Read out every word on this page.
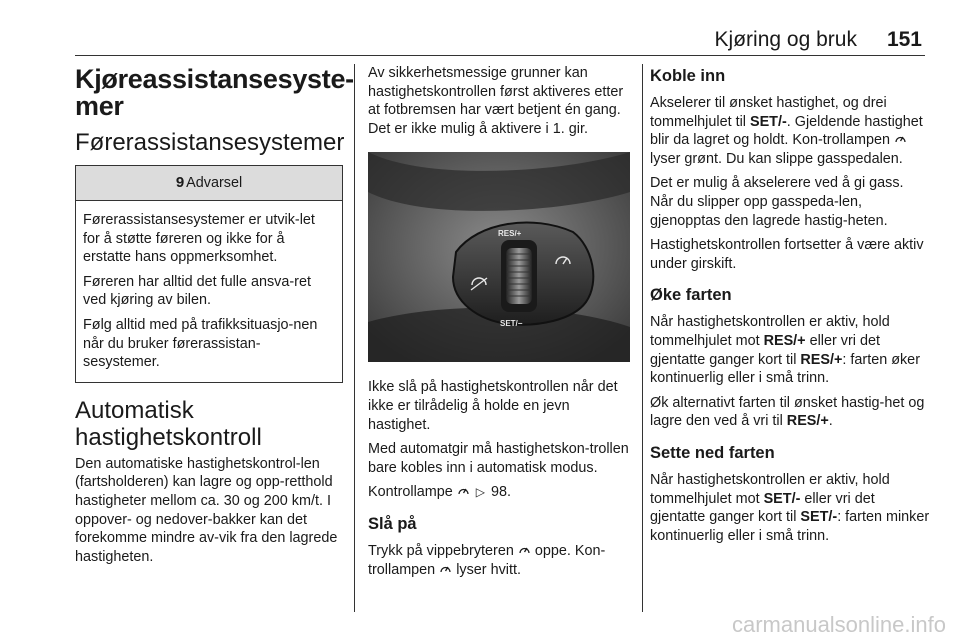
Kjøring og bruk 151
Kjøreassistansesyste-
mer
Førerassistansesystemer
9 Advarsel

Førerassistansesystemer er utvik-let for å støtte føreren og ikke for å erstatte hans oppmerksomhet.

Føreren har alltid det fulle ansva-ret ved kjøring av bilen.

Følg alltid med på trafikksituasjo-nen når du bruker førerassistan-sesystemer.

Automatisk
hastighetskontroll

Den automatiske hastighetskontrol-len (fartsholderen) kan lagre og opp-retthold hastigheter mellom ca. 30 og 200 km/t. I oppover- og nedover-bakker kan det forekomme mindre av-vik fra den lagrede hastigheten.

Av sikkerhetsmessige grunner kan hastighetskontrollen først aktiveres etter at fotbremsen har vært betjent én gang. Det er ikke mulig å aktivere i 1. gir.

RES/+
SET/−

Ikke slå på hastighetskontrollen når det ikke er tilrådelig å holde en jevn hastighet.

Med automatgir må hastighetskon-trollen bare kobles inn i automatisk modus.

Kontrollampe ▷ 98.

Slå på

Trykk på vippebryteren oppe. Kon-trollampen lyser hvitt.

Koble inn

Akselerer til ønsket hastighet, og drei tommelhjulet til SET/-. Gjeldende hastighet blir da lagret og holdt. Kon-trollampen  lyser grønt. Du kan slippe gasspedalen.

Det er mulig å akselerere ved å gi gass. Når du slipper opp gasspeda-len, gjenopptas den lagrede hastig-heten.

Hastighetskontrollen fortsetter å være aktiv under girskift.

Øke farten

Når hastighetskontrollen er aktiv, hold tommelhjulet mot RES/+ eller vri det gjentatte ganger kort til RES/+: farten øker kontinuerlig eller i små trinn.

Øk alternativt farten til ønsket hastig-het og lagre den ved å vri til RES/+.

Sette ned farten

Når hastighetskontrollen er aktiv, hold tommelhjulet mot SET/- eller vri det gjentatte ganger kort til SET/-: farten minker kontinuerlig eller i små trinn.

carmanualsonline.info
